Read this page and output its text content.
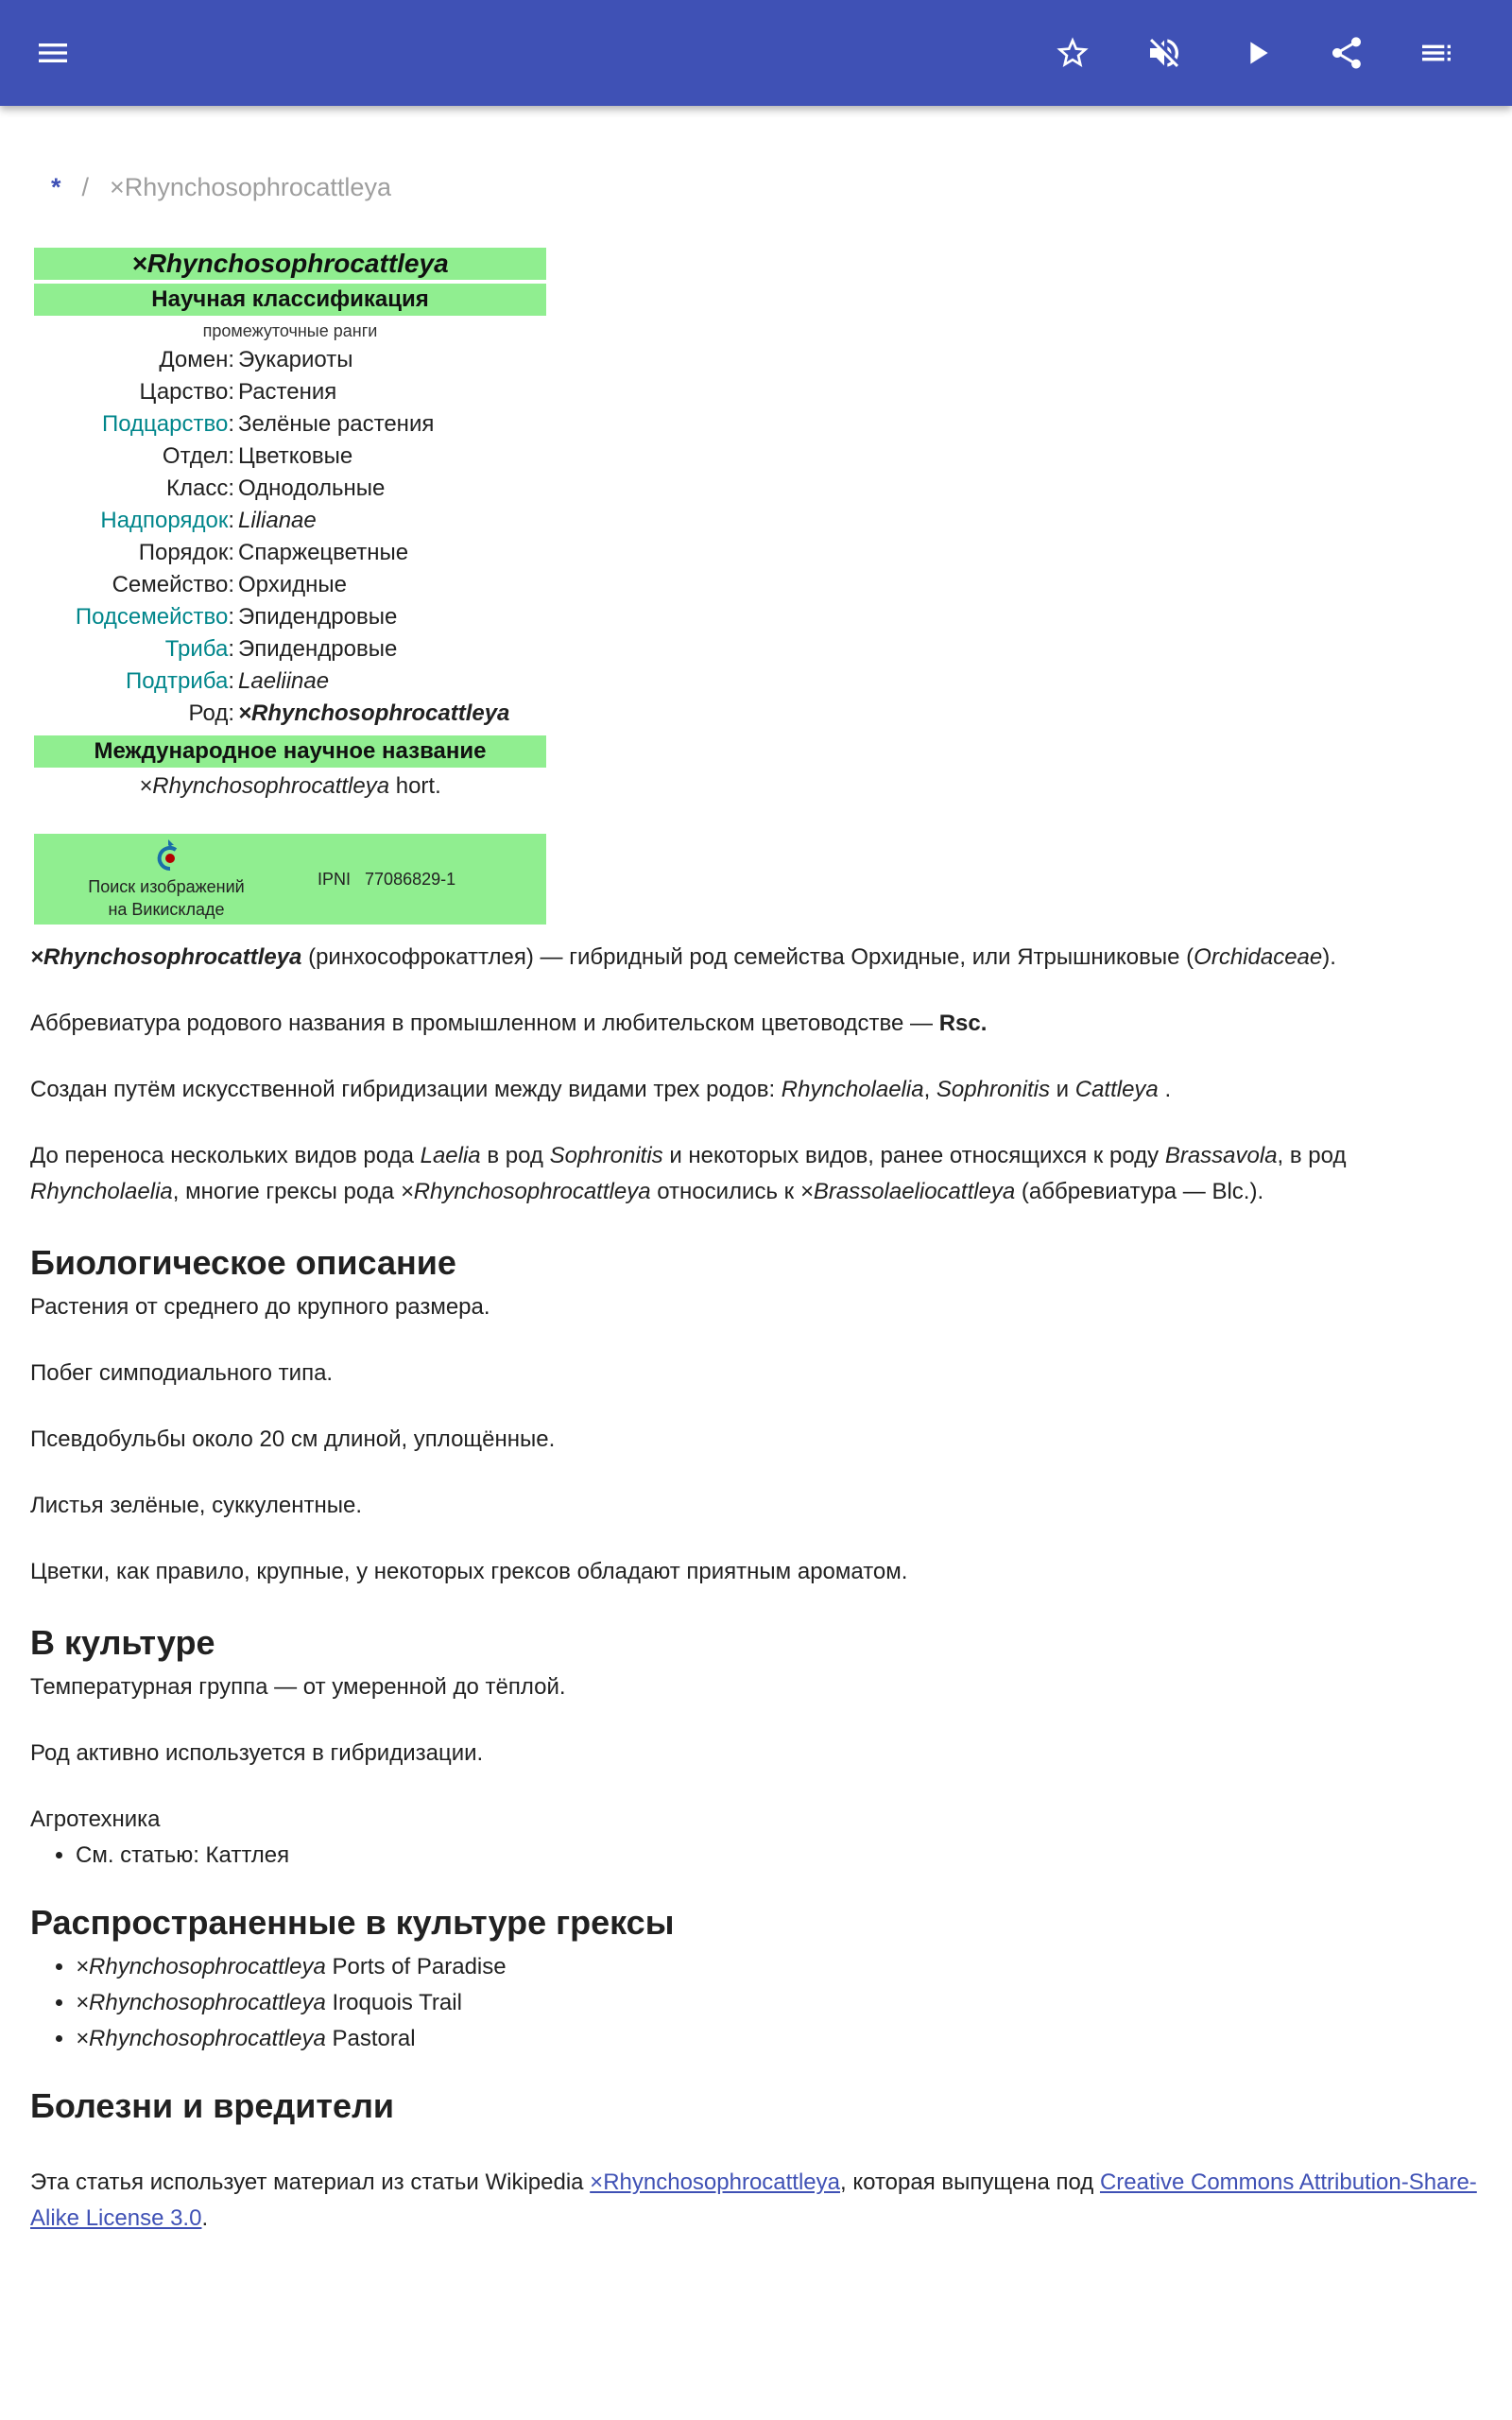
* / ×Rhynchosophrocattleya
×Rhynchosophrocattleya
Научная классификация
промежуточные ранги
Домен: Эукариоты
Царство: Растения
Подцарство: Зелёные растения
Отдел: Цветковые
Класс: Однодольные
Надпорядок: Lilianae
Порядок: Спаржецветные
Семейство: Орхидные
Подсемейство: Эпидендровые
Триба: Эпидендровые
Подтриба: Laeliinae
Род: ×Rhynchosophrocattleya
Международное научное название
×Rhynchosophrocattleya hort.
Поиск изображений
на Викискладе
IPNI 77086829-1

×Rhynchosophrocattleya (ринхософрокаттлея) — гибридный род семейства Орхидные, или Ятрышниковые (Orchidaceae).

Аббревиатура родового названия в промышленном и любительском цветоводстве — Rsc.

Создан путём искусственной гибридизации между видами трех родов: Rhyncholaelia, Sophronitis и Cattleya .

До переноса нескольких видов рода Laelia в род Sophronitis и некоторых видов, ранее относящихся к роду Brassavola, в род Rhyncholaelia, многие грексы рода ×Rhynchosophrocattleya относились к ×Brassolaeliocattleya (аббревиатура — Blc.).

Биологическое описание

Растения от среднего до крупного размера.

Побег симподиального типа.

Псевдобульбы около 20 см длиной, уплощённые.

Листья зелёные, суккулентные.

Цветки, как правило, крупные, у некоторых грексов обладают приятным ароматом.

В культуре

Температурная группа — от умеренной до тёплой.

Род активно используется в гибридизации.

Агротехника
• См. статью: Каттлея
Распространенные в культуре грексы
• ×Rhynchosophrocattleya Ports of Paradise
• ×Rhynchosophrocattleya Iroquois Trail
• ×Rhynchosophrocattleya Pastoral
Болезни и вредители

Эта статья использует материал из статьи Wikipedia ×Rhynchosophrocattleya, которая выпущена под Creative Commons Attribution-Share-Alike License 3.0.
